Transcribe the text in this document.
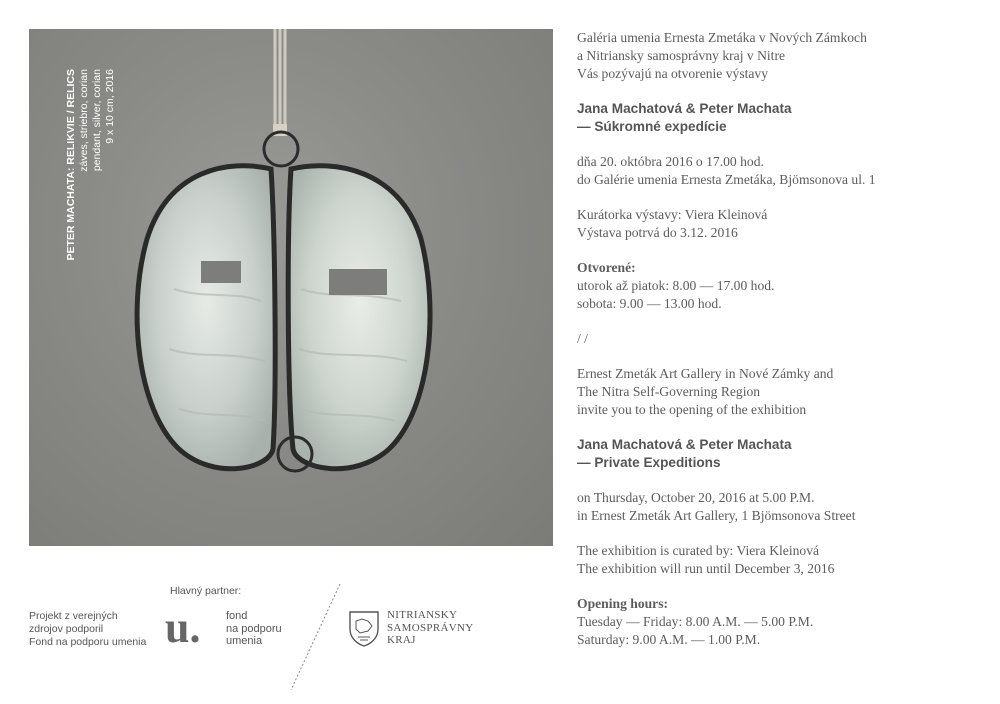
PETER MACHATA: RELIKVIE / RELICS záves, striebro, corian pendant, silver, corian 9 x 10 cm, 2016

Galéria umenia Ernesta Zmetáka v Nových Zámkoch
a Nitriansky samosprávny kraj v Nitre
Vás pozývajú na otvorenie výstavy

Jana Machatová & Peter Machata
— Súkromné expedície

dňa 20. októbra 2016 o 17.00 hod.
do Galérie umenia Ernesta Zmetáka, Bjömsonova ul. 1

Kurátorka výstavy: Viera Kleinová
Výstava potrvá do 3.12. 2016

Otvorené:
utorok až piatok: 8.00 — 17.00 hod.
sobota: 9.00 — 13.00 hod.

/ /

Ernest Zmeták Art Gallery in Nové Zámky and
The Nitra Self-Governing Region
invite you to the opening of the exhibition

Jana Machatová & Peter Machata
— Private Expeditions

on Thursday, October 20, 2016 at 5.00 P.M.
in Ernest Zmeták Art Gallery, 1 Bjömsonova Street

The exhibition is curated by: Viera Kleinová
The exhibition will run until December 3, 2016

Opening hours:
Tuesday — Friday: 8.00 A.M. — 5.00 P.M.
Saturday: 9.00 A.M. — 1.00 P.M.

Projekt z verejných
zdrojov podporil
Fond na podporu umenia
Hlavný partner:
u.	fond
na podporu
umenia
NITRIANSKY
SAMOSPRÁVNY
KRAJ
